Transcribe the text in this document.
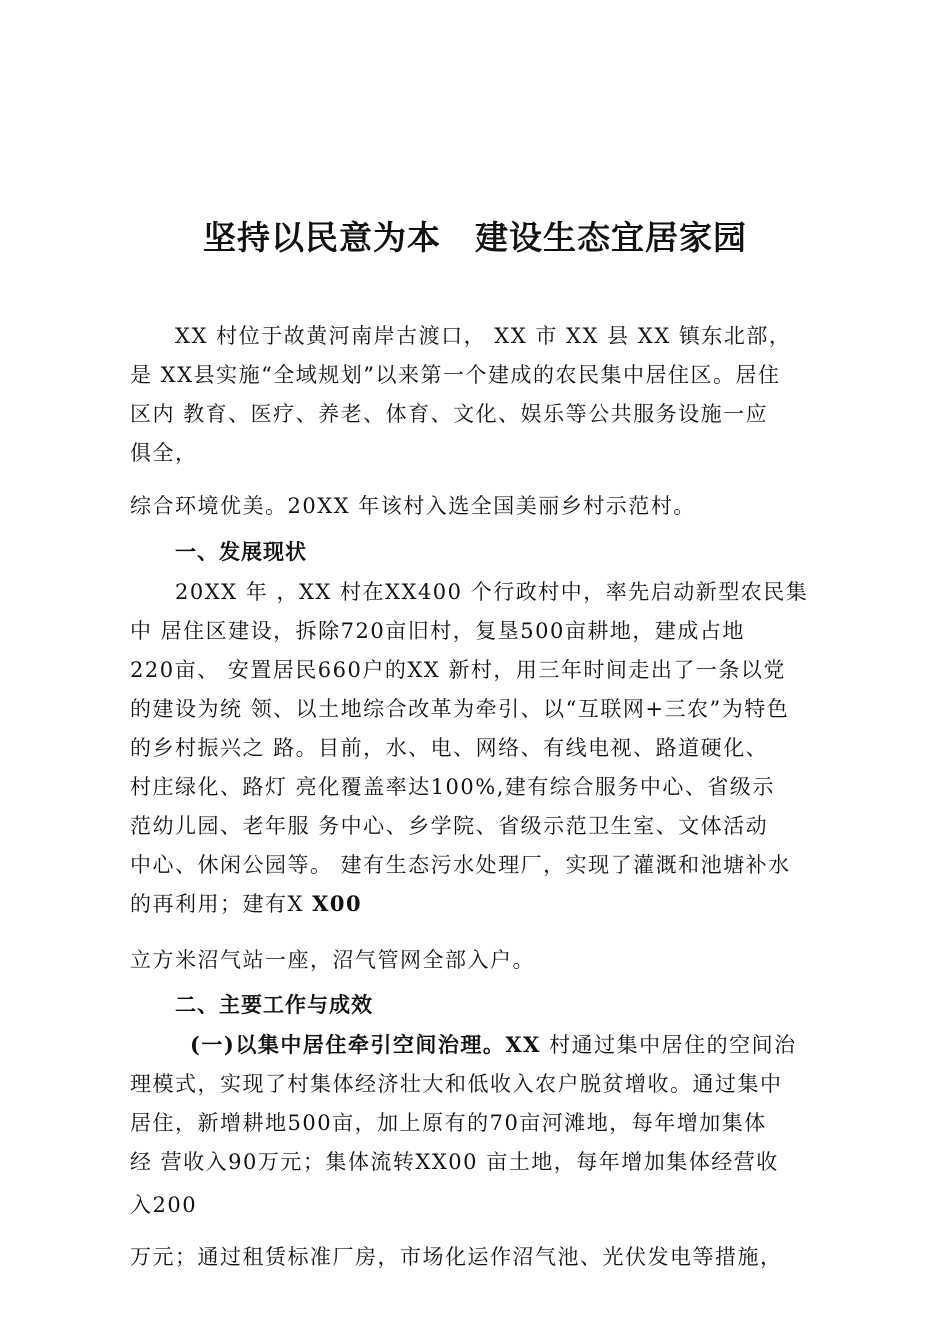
坚持以民意为本　建设生态宜居家园
XX 村位于故黄河南岸古渡口， XX 市 XX 县 XX 镇东北部，
是 XX县实施“全域规划”以来第一个建成的农民集中居住区。居住
区内 教育、医疗、养老、体育、文化、娱乐等公共服务设施一应
俱全，
综合环境优美。20XX 年该村入选全国美丽乡村示范村。
一、发展现状
20XX 年 ，XX 村在XX400 个行政村中，率先启动新型农民集
中 居住区建设，拆除720亩旧村，复垦500亩耕地，建成占地
220亩、 安置居民660户的XX 新村，用三年时间走出了一条以党
的建设为统 领、以土地综合改革为牵引、以“互联网+三农”为特色
的乡村振兴之 路。目前，水、电、网络、有线电视、路道硬化、
村庄绿化、路灯 亮化覆盖率达100%,建有综合服务中心、省级示
范幼儿园、老年服 务中心、乡学院、省级示范卫生室、文体活动
中心、休闲公园等。 建有生态污水处理厂，实现了灌溉和池塘补水
的再利用；建有X X00
立方米沼气站一座，沼气管网全部入户。
二、主要工作与成效
(一)以集中居住牵引空间治理。XX 村通过集中居住的空间治
理模式，实现了村集体经济壮大和低收入农户脱贫增收。通过集中
居住，新增耕地500亩，加上原有的70亩河滩地，每年增加集体
经 营收入90万元；集体流转XX00 亩土地，每年增加集体经营收
入200
万元；通过租赁标准厂房，市场化运作沼气池、光伏发电等措施，
